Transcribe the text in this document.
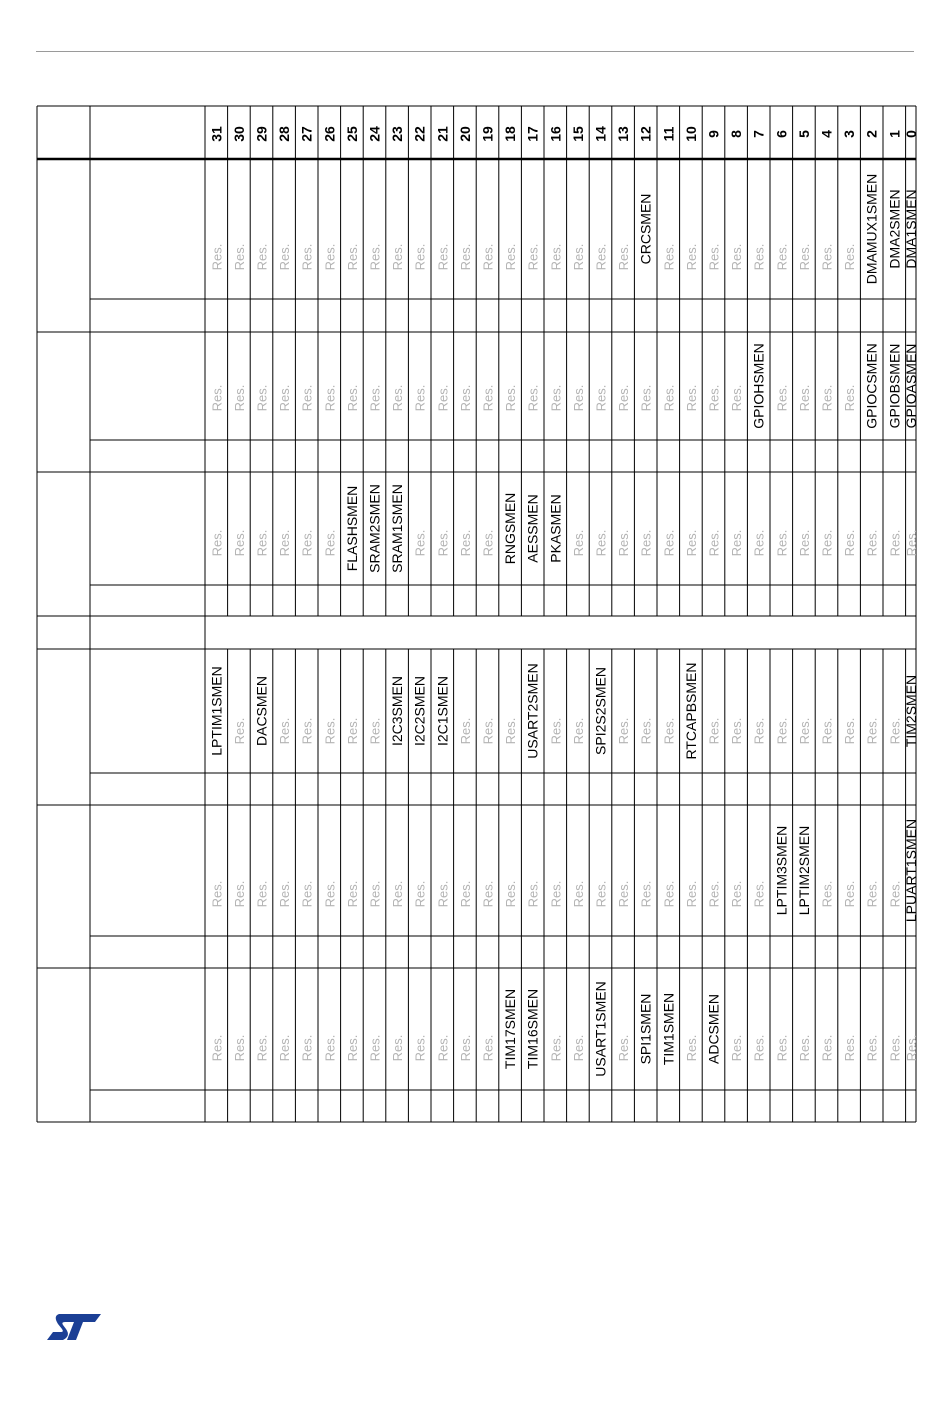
31 30 29 28 27 26 25 24 23 22 21 20 19 18 17 16 15 14 13 12 11 10 9 8 7 6 5 4 3 2 1 0
Res. Res. Res. Res. Res. Res. Res. Res. Res. Res. Res. Res. Res. TIM17SMEN TIM16SMEN Res. Res. USART1SMEN Res. SPI1SMEN TIM1SMEN Res. ADCSMEN Res. Res. Res. Res. Res. Res. Res. Res. Res.
Res. Res. Res. Res. Res. Res. Res. Res. Res. Res. Res. Res. Res. Res. Res. Res. Res. Res. Res. Res. Res. Res. Res. Res. Res. LPTIM3SMEN LPTIM2SMEN Res. Res. Res. Res. LPUART1SMEN
LPTIM1SMEN Res. DACSMEN Res. Res. Res. Res. Res. I2C3SMEN I2C2SMEN I2C1SMEN Res. Res. Res. USART2SMEN Res. Res. SPI2S2SMEN Res. Res. Res. RTCAPBSMEN Res. Res. Res. Res. Res. Res. Res. Res. Res. TIM2SMEN
Res. Res. Res. Res. Res. Res. FLASHSMEN SRAM2SMEN SRAM1SMEN Res. Res. Res. Res. RNGSMEN AESSMEN PKASMEN Res. Res. Res. Res. Res. Res. Res. Res. Res. Res. Res. Res. Res. Res. Res. Res.
Res. Res. Res. Res. Res. Res. Res. Res. Res. Res. Res. Res. Res. Res. Res. Res. Res. Res. Res. Res. Res. Res. Res. Res. GPIOHSMEN Res. Res. Res. Res. GPIOCSMEN GPIOBSMEN GPIOASMEN
Res. Res. Res. Res. Res. Res. Res. Res. Res. Res. Res. Res. Res. Res. Res. Res. Res. Res. Res. CRCSMEN Res. Res. Res. Res. Res. Res. Res. Res. Res. DMAMUX1SMEN DMA2SMEN DMA1SMEN
